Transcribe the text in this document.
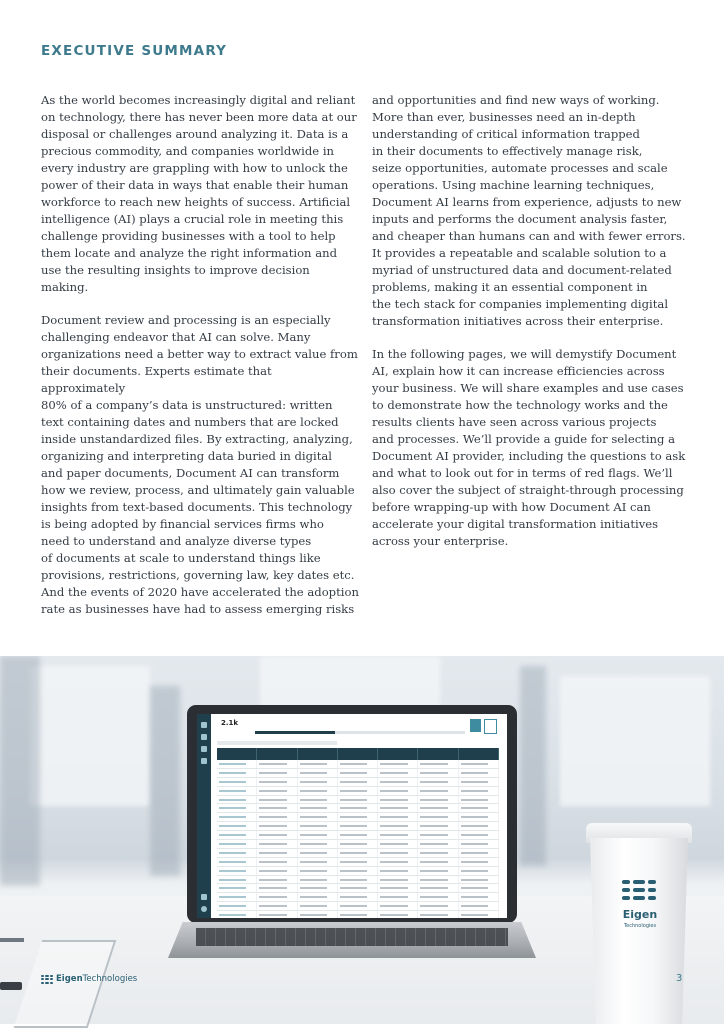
EXECUTIVE SUMMARY

As the world becomes increasingly digital and reliant
on technology, there has never been more data at our
disposal or challenges around analyzing it. Data is a
precious commodity, and companies worldwide in
every industry are grappling with how to unlock the
power of their data in ways that enable their human
workforce to reach new heights of success. Artificial
intelligence (AI) plays a crucial role in meeting this
challenge providing businesses with a tool to help
them locate and analyze the right information and
use the resulting insights to improve decision making.

Document review and processing is an especially
challenging endeavor that AI can solve. Many
organizations need a better way to extract value from
their documents. Experts estimate that approximately
80% of a company’s data is unstructured: written
text containing dates and numbers that are locked
inside unstandardized files. By extracting, analyzing,
organizing and interpreting data buried in digital
and paper documents, Document AI can transform
how we review, process, and ultimately gain valuable
insights from text-based documents. This technology
is being adopted by financial services firms who
need to understand and analyze diverse types
of documents at scale to understand things like
provisions, restrictions, governing law, key dates etc.
And the events of 2020 have accelerated the adoption
rate as businesses have had to assess emerging risks

and opportunities and find new ways of working.
More than ever, businesses need an in-depth
understanding of critical information trapped
in their documents to effectively manage risk,
seize opportunities, automate processes and scale
operations. Using machine learning techniques,
Document AI learns from experience, adjusts to new
inputs and performs the document analysis faster,
and cheaper than humans can and with fewer errors.
It provides a repeatable and scalable solution to a
myriad of unstructured data and document-related
problems, making it an essential component in
the tech stack for companies implementing digital
transformation initiatives across their enterprise.

In the following pages, we will demystify Document
AI, explain how it can increase efficiencies across
your business. We will share examples and use cases
to demonstrate how the technology works and the
results clients have seen across various projects
and processes. We’ll provide a guide for selecting a
Document AI provider, including the questions to ask
and what to look out for in terms of red flags. We’ll
also cover the subject of straight-through processing
before wrapping-up with how Document AI can
accelerate your digital transformation initiatives
across your enterprise.

2.1k
Eigen
Technologies
EigenTechnologies	3
